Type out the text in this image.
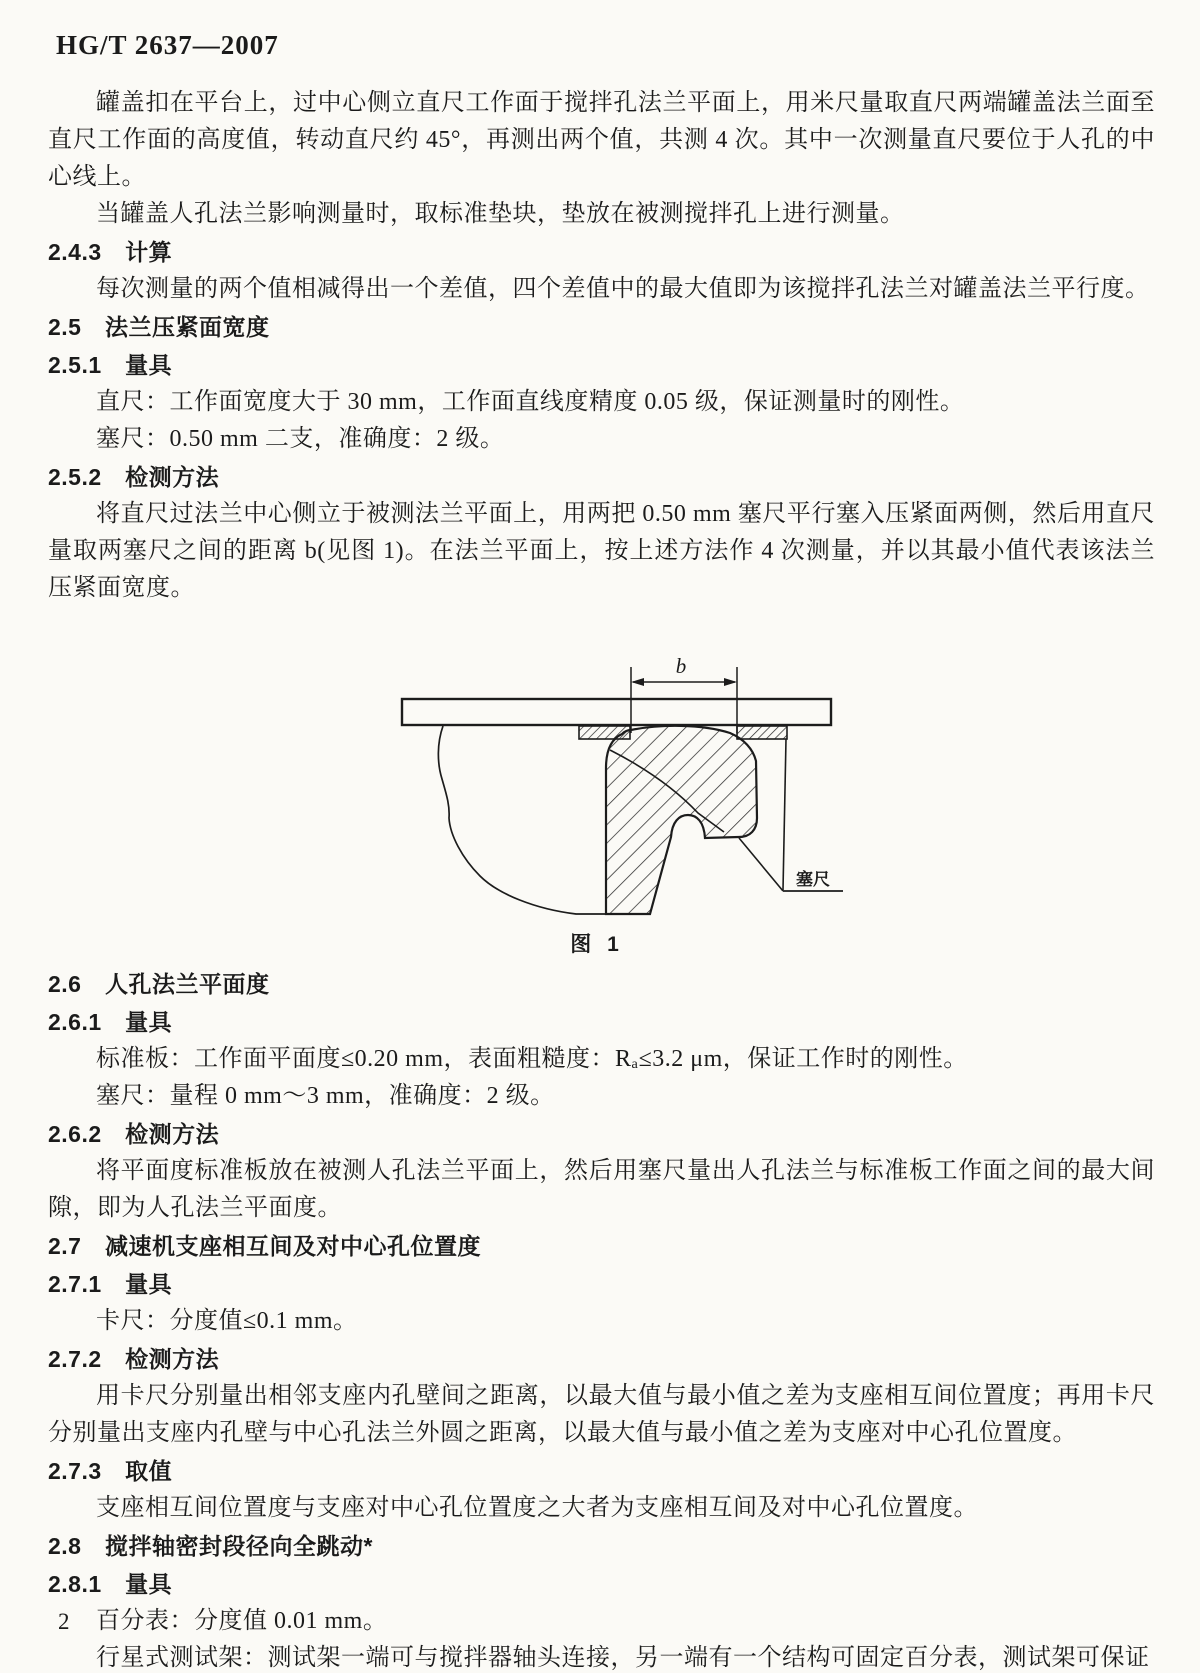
HG/T 2637—2007

罐盖扣在平台上，过中心侧立直尺工作面于搅拌孔法兰平面上，用米尺量取直尺两端罐盖法兰面至直尺工作面的高度值，转动直尺约 45°，再测出两个值，共测 4 次。其中一次测量直尺要位于人孔的中心线上。

当罐盖人孔法兰影响测量时，取标准垫块，垫放在被测搅拌孔上进行测量。

2.4.3　计算

每次测量的两个值相减得出一个差值，四个差值中的最大值即为该搅拌孔法兰对罐盖法兰平行度。

2.5　法兰压紧面宽度

2.5.1　量具

直尺：工作面宽度大于 30 mm，工作面直线度精度 0.05 级，保证测量时的刚性。

塞尺：0.50 mm 二支，准确度：2 级。

2.5.2　检测方法

将直尺过法兰中心侧立于被测法兰平面上，用两把 0.50 mm 塞尺平行塞入压紧面两侧，然后用直尺量取两塞尺之间的距离 b(见图 1)。在法兰平面上，按上述方法作 4 次测量，并以其最小值代表该法兰压紧面宽度。

塞尺
b
图 1

2.6　人孔法兰平面度

2.6.1　量具

标准板：工作面平面度≤0.20 mm，表面粗糙度：Rₐ≤3.2 μm，保证工作时的刚性。

塞尺：量程 0 mm～3 mm，准确度：2 级。

2.6.2　检测方法

将平面度标准板放在被测人孔法兰平面上，然后用塞尺量出人孔法兰与标准板工作面之间的最大间隙，即为人孔法兰平面度。

2.7　减速机支座相互间及对中心孔位置度

2.7.1　量具

卡尺：分度值≤0.1 mm。

2.7.2　检测方法

用卡尺分别量出相邻支座内孔壁间之距离，以最大值与最小值之差为支座相互间位置度；再用卡尺分别量出支座内孔壁与中心孔法兰外圆之距离，以最大值与最小值之差为支座对中心孔位置度。

2.7.3　取值

支座相互间位置度与支座对中心孔位置度之大者为支座相互间及对中心孔位置度。

2.8　搅拌轴密封段径向全跳动*

2.8.1　量具

百分表：分度值 0.01 mm。

行星式测试架：测试架一端可与搅拌器轴头连接，另一端有一个结构可固定百分表，测试架可保证

2
